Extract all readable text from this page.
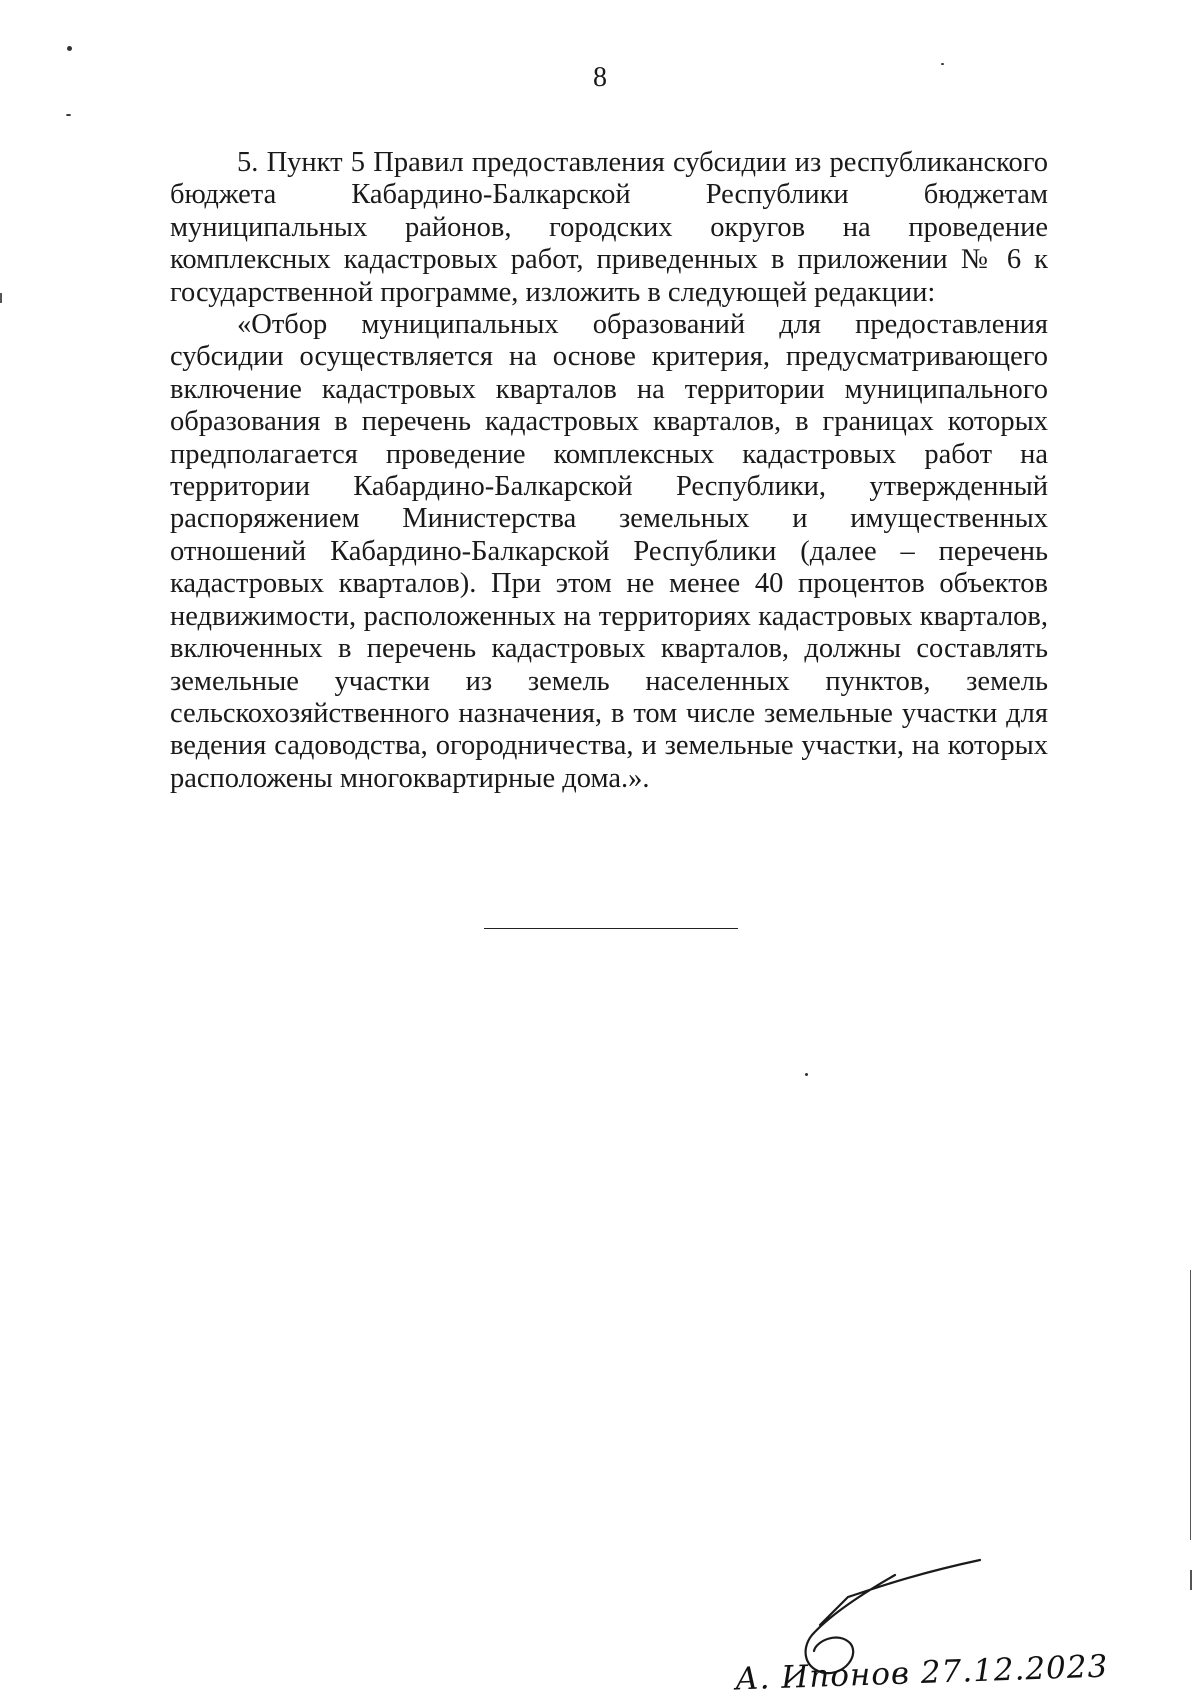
8

5. Пункт 5 Правил предоставления субсидии из республиканского бюджета Кабардино-Балкарской Республики бюджетам муниципальных районов, городских округов на проведение комплексных кадастровых работ, приведенных в приложении № 6 к государственной программе, изложить в следующей редакции:

«Отбор муниципальных образований для предоставления субсидии осуществляется на основе критерия, предусматривающего включение кадастровых кварталов на территории муниципального образования в перечень кадастровых кварталов, в границах которых предполагается проведение комплексных кадастровых работ на территории Кабардино-Балкарской Республики, утвержденный распоряжением Министерства земельных и имущественных отношений Кабардино-Балкарской Республики (далее – перечень кадастровых кварталов). При этом не менее 40 процентов объектов недвижимости, расположенных на территориях кадастровых кварталов, включенных в перечень кадастровых кварталов, должны составлять земельные участки из земель населенных пунктов, земель сельскохозяйственного назначения, в том числе земельные участки для ведения садоводства, огородничества, и земельные участки, на которых расположены многоквартирные дома.».

А. Ипонов 27.12.2023
